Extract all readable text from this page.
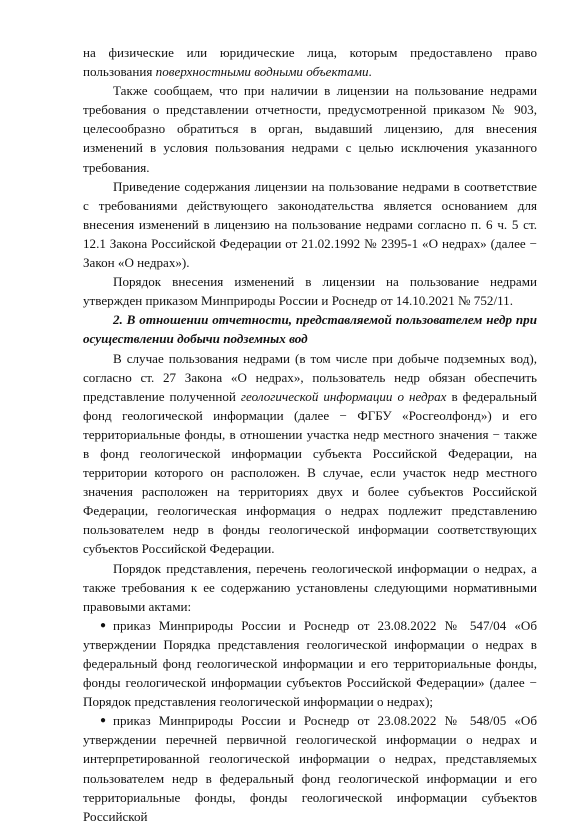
на физические или юридические лица, которым предоставлено право пользования поверхностными водными объектами.

Также сообщаем, что при наличии в лицензии на пользование недрами требования о представлении отчетности, предусмотренной приказом № 903, целесообразно обратиться в орган, выдавший лицензию, для внесения изменений в условия пользования недрами с целью исключения указанного требования.

Приведение содержания лицензии на пользование недрами в соответствие с требованиями действующего законодательства является основанием для внесения изменений в лицензию на пользование недрами согласно п. 6 ч. 5 ст. 12.1 Закона Российской Федерации от 21.02.1992 № 2395-1 «О недрах» (далее − Закон «О недрах»).

Порядок внесения изменений в лицензии на пользование недрами утвержден приказом Минприроды России и Роснедр от 14.10.2021 № 752/11.

2. В отношении отчетности, представляемой пользователем недр при осуществлении добычи подземных вод

В случае пользования недрами (в том числе при добыче подземных вод), согласно ст. 27 Закона «О недрах», пользователь недр обязан обеспечить представление полученной геологической информации о недрах в федеральный фонд геологической информации (далее − ФГБУ «Росгеолфонд») и его территориальные фонды, в отношении участка недр местного значения − также в фонд геологической информации субъекта Российской Федерации, на территории которого он расположен. В случае, если участок недр местного значения расположен на территориях двух и более субъектов Российской Федерации, геологическая информация о недрах подлежит представлению пользователем недр в фонды геологической информации соответствующих субъектов Российской Федерации.

Порядок представления, перечень геологической информации о недрах, а также требования к ее содержанию установлены следующими нормативными правовыми актами:

● приказ Минприроды России и Роснедр от 23.08.2022 № 547/04 «Об утверждении Порядка представления геологической информации о недрах в федеральный фонд геологической информации и его территориальные фонды, фонды геологической информации субъектов Российской Федерации» (далее − Порядок представления геологической информации о недрах);

● приказ Минприроды России и Роснедр от 23.08.2022 № 548/05 «Об утверждении перечней первичной геологической информации о недрах и интерпретированной геологической информации о недрах, представляемых пользователем недр в федеральный фонд геологической информации и его территориальные фонды, фонды геологической информации субъектов Российской
